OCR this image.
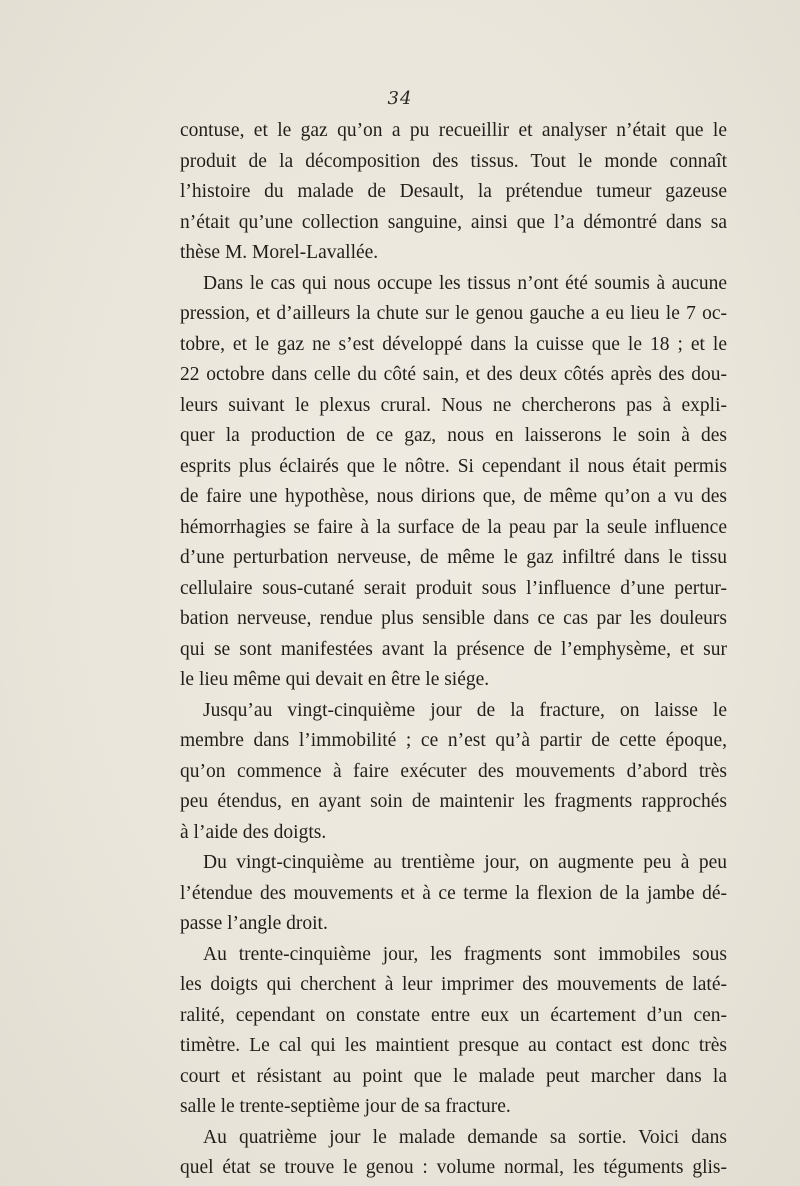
34
contuse, et le gaz qu’on a pu recueillir et analyser n’était que le
produit de la décomposition des tissus. Tout le monde connaît
l’histoire du malade de Desault, la prétendue tumeur gazeuse
n’était qu’une collection sanguine, ainsi que l’a démontré dans sa
thèse M. Morel-Lavallée.
Dans le cas qui nous occupe les tissus n’ont été soumis à aucune
pression, et d’ailleurs la chute sur le genou gauche a eu lieu le 7 oc-
tobre, et le gaz ne s’est développé dans la cuisse que le 18 ; et le
22 octobre dans celle du côté sain, et des deux côtés après des dou-
leurs suivant le plexus crural. Nous ne chercherons pas à expli-
quer la production de ce gaz, nous en laisserons le soin à des
esprits plus éclairés que le nôtre. Si cependant il nous était permis
de faire une hypothèse, nous dirions que, de même qu’on a vu des
hémorrhagies se faire à la surface de la peau par la seule influence
d’une perturbation nerveuse, de même le gaz infiltré dans le tissu
cellulaire sous-cutané serait produit sous l’influence d’une pertur-
bation nerveuse, rendue plus sensible dans ce cas par les douleurs
qui se sont manifestées avant la présence de l’emphysème, et sur
le lieu même qui devait en être le siége.
Jusqu’au vingt-cinquième jour de la fracture, on laisse le
membre dans l’immobilité ; ce n’est qu’à partir de cette époque,
qu’on commence à faire exécuter des mouvements d’abord très
peu étendus, en ayant soin de maintenir les fragments rapprochés
à l’aide des doigts.
Du vingt-cinquième au trentième jour, on augmente peu à peu
l’étendue des mouvements et à ce terme la flexion de la jambe dé-
passe l’angle droit.
Au trente-cinquième jour, les fragments sont immobiles sous
les doigts qui cherchent à leur imprimer des mouvements de laté-
ralité, cependant on constate entre eux un écartement d’un cen-
timètre. Le cal qui les maintient presque au contact est donc très
court et résistant au point que le malade peut marcher dans la
salle le trente-septième jour de sa fracture.
Au quatrième jour le malade demande sa sortie. Voici dans
quel état se trouve le genou : volume normal, les téguments glis-
